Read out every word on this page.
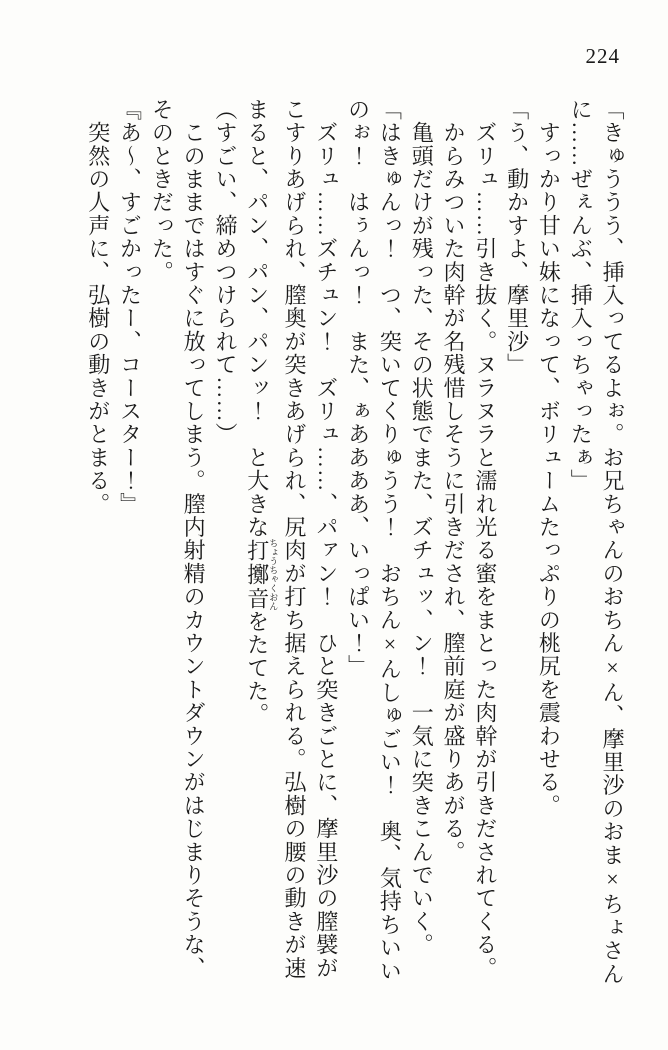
224
「きゅううう、挿入ってるよぉ。お兄ちゃんのおちん×ん、摩里沙のおま×ちょさん
に……ぜぇんぶ、挿入っちゃったぁ」
　すっかり甘い妹になって、ボリュームたっぷりの桃尻を震わせる。
「う、動かすよ、摩里沙」
　ズリュ……引き抜く。ヌラヌラと濡れ光る蜜をまとった肉幹が引きだされてくる。
　からみついた肉幹が名残惜しそうに引きだされ、膣前庭が盛りあがる。
　亀頭だけが残った、その状態でまた、ズチュッ、ン！　一気に突きこんでいく。
「はきゅんっ！　つ、突いてくりゅうう！　おちん×んしゅごい！　奥、気持ちいい
のぉ！　はぅんっ！　また、ぁああああ、いっぱい！」
　ズリュ……ズチュン！　ズリュ……、パァン！　ひと突きごとに、摩里沙の膣襞が
こすりあげられ、膣奥が突きあげられ、尻肉が打ち据えられる。弘樹の腰の動きが速
まると、パン、パン、パンッ！　と大きな打擲音ちょうちゃくおんをたてた。
（すごい、締めつけられて……）
　このままではすぐに放ってしまう。膣内射精のカウントダウンがはじまりそうな、
そのときだった。
『あ〜、すごかったー、コースター！』
　突然の人声に、弘樹の動きがとまる。
